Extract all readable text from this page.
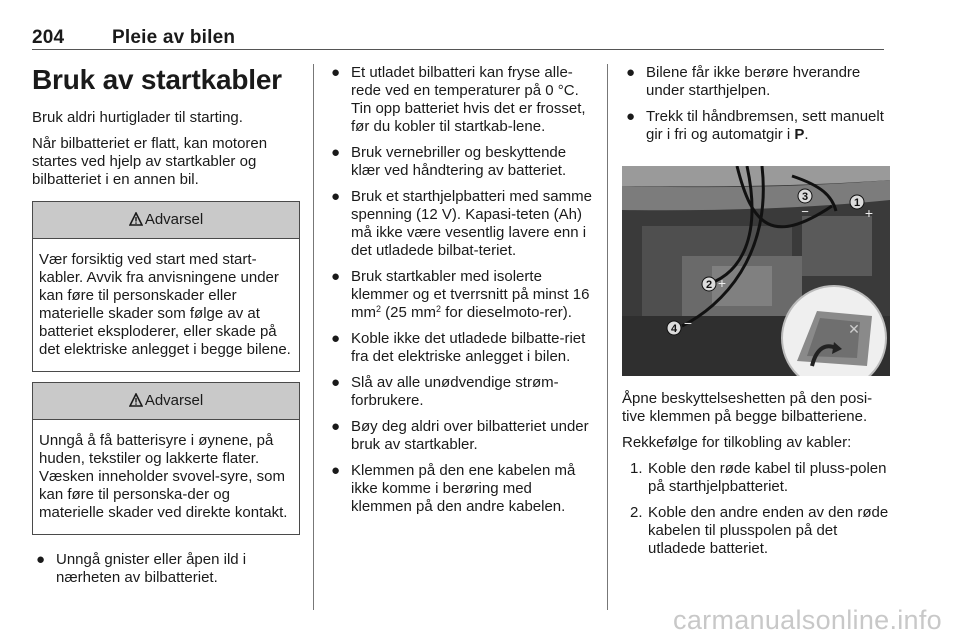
204	Pleie av bilen
Bruk av startkabler

Bruk aldri hurtiglader til starting.

Når bilbatteriet er flatt, kan motoren startes ved hjelp av startkabler og bilbatteriet i en annen bil.

Advarsel
Vær forsiktig ved start med start-kabler. Avvik fra anvisningene under kan føre til personskader eller materielle skader som følge av at batteriet eksploderer, eller skade på det elektriske anlegget i begge bilene.
Advarsel
Unngå å få batterisyre i øynene, på huden, tekstiler og lakkerte flater. Væsken inneholder svovel-syre, som kan føre til personska-der og materielle skader ved direkte kontakt.
● Unngå gnister eller åpen ild i nærheten av bilbatteriet.
● Et utladet bilbatteri kan fryse alle-rede ved en temperaturer på 0 °C. Tin opp batteriet hvis det er frosset, før du kobler til startkab-lene.
● Bruk vernebriller og beskyttende klær ved håndtering av batteriet.
● Bruk et starthjelpbatteri med samme spenning (12 V). Kapasi-teten (Ah) må ikke være vesentlig lavere enn i det utladede bilbat-teriet.
● Bruk startkabler med isolerte klemmer og et tverrsnitt på minst 16 $mm^2$ (25 $mm^2$ for dieselmoto-rer).
● Koble ikke det utladede bilbatte-riet fra det elektriske anlegget i bilen.
● Slå av alle unødvendige strøm-forbrukere.
● Bøy deg aldri over bilbatteriet under bruk av startkabler.
● Klemmen på den ene kabelen må ikke komme i berøring med klemmen på den andre kabelen.
● Bilene får ikke berøre hverandre under starthjelpen.
● Trekk til håndbremsen, sett manuelt gir i fri og automatgir i P.
3
−
1
+
2 +
4 −	✕

Åpne beskyttelseshetten på den posi-tive klemmen på begge bilbatteriene.

Rekkefølge for tilkobling av kabler:

1. Koble den røde kabel til pluss-polen på starthjelpbatteriet.
2. Koble den andre enden av den røde kabelen til plusspolen på det utladede batteriet.
carmanualsonline.info
